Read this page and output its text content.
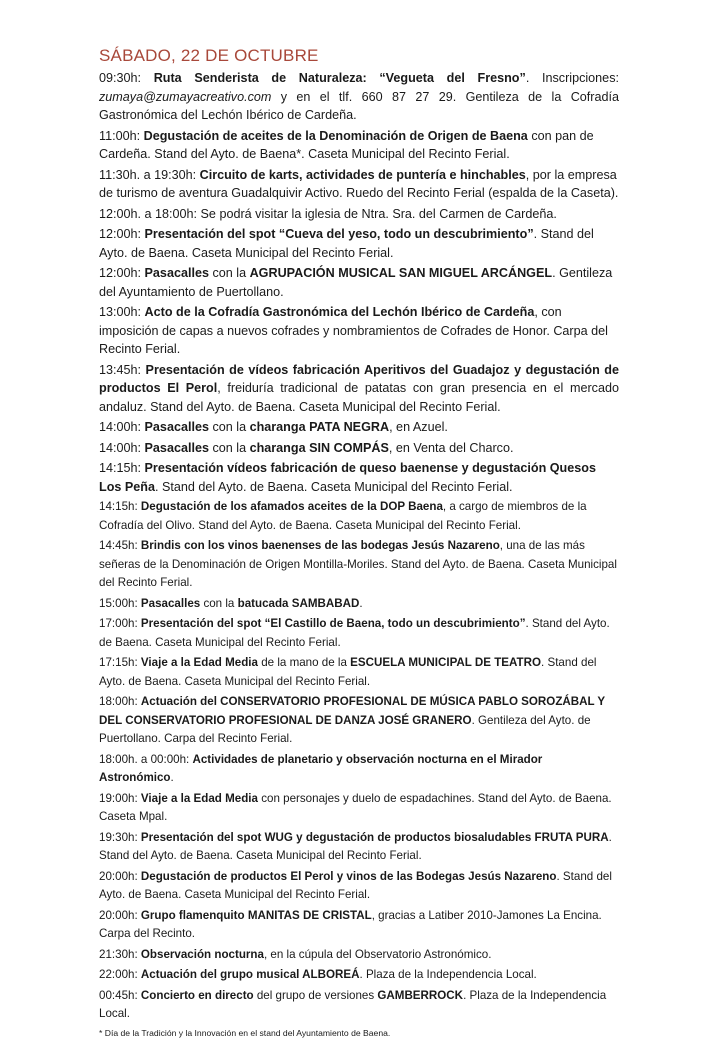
SÁBADO, 22 DE OCTUBRE

09:30h: Ruta Senderista de Naturaleza: “Vegueta del Fresno”. Inscripciones: zumaya@zumayacreativo.com y en el tlf. 660 87 27 29. Gentileza de la Cofradía Gastronómica del Lechón Ibérico de Cardeña.

11:00h: Degustación de aceites de la Denominación de Origen de Baena con pan de Cardeña. Stand del Ayto. de Baena*. Caseta Municipal del Recinto Ferial.

11:30h. a 19:30h: Circuito de karts, actividades de puntería e hinchables, por la empresa de turismo de aventura Guadalquivir Activo. Ruedo del Recinto Ferial (espalda de la Caseta).

12:00h. a 18:00h: Se podrá visitar la iglesia de Ntra. Sra. del Carmen de Cardeña.

12:00h: Presentación del spot “Cueva del yeso, todo un descubrimiento”. Stand del Ayto. de Baena. Caseta Municipal del Recinto Ferial.

12:00h: Pasacalles con la AGRUPACIÓN MUSICAL SAN MIGUEL ARCÁNGEL. Gentileza del Ayuntamiento de Puertollano.

13:00h: Acto de la Cofradía Gastronómica del Lechón Ibérico de Cardeña, con imposición de capas a nuevos cofrades y nombramientos de Cofrades de Honor. Carpa del Recinto Ferial.

13:45h: Presentación de vídeos fabricación Aperitivos del Guadajoz y degustación de productos El Perol, freiduría tradicional de patatas con gran presencia en el mercado andaluz. Stand del Ayto. de Baena. Caseta Municipal del Recinto Ferial.

14:00h: Pasacalles con la charanga PATA NEGRA, en Azuel.

14:00h: Pasacalles con la charanga SIN COMPÁS, en Venta del Charco.

14:15h: Presentación vídeos fabricación de queso baenense y degustación Quesos Los Peña. Stand del Ayto. de Baena. Caseta Municipal del Recinto Ferial.

14:15h: Degustación de los afamados aceites de la DOP Baena, a cargo de miembros de la Cofradía del Olivo. Stand del Ayto. de Baena. Caseta Municipal del Recinto Ferial.

14:45h: Brindis con los vinos baenenses de las bodegas Jesús Nazareno, una de las más señeras de la Denominación de Origen Montilla-Moriles. Stand del Ayto. de Baena. Caseta Municipal del Recinto Ferial.

15:00h: Pasacalles con la batucada SAMBABAD.

17:00h: Presentación del spot “El Castillo de Baena, todo un descubrimiento”. Stand del Ayto. de Baena. Caseta Municipal del Recinto Ferial.

17:15h: Viaje a la Edad Media de la mano de la ESCUELA MUNICIPAL DE TEATRO. Stand del Ayto. de Baena. Caseta Municipal del Recinto Ferial.

18:00h: Actuación del CONSERVATORIO PROFESIONAL DE MÚSICA PABLO SOROZÁBAL Y DEL CONSERVATORIO PROFESIONAL DE DANZA JOSÉ GRANERO. Gentileza del Ayto. de Puertollano. Carpa del Recinto Ferial.

18:00h. a 00:00h: Actividades de planetario y observación nocturna en el Mirador Astronómico.

19:00h: Viaje a la Edad Media con personajes y duelo de espadachines. Stand del Ayto. de Baena. Caseta Mpal.

19:30h: Presentación del spot WUG y degustación de productos biosaludables FRUTA PURA. Stand del Ayto. de Baena. Caseta Municipal del Recinto Ferial.

20:00h: Degustación de productos El Perol y vinos de las Bodegas Jesús Nazareno. Stand del Ayto. de Baena. Caseta Municipal del Recinto Ferial.

20:00h: Grupo flamenquito MANITAS DE CRISTAL, gracias a Latiber 2010-Jamones La Encina. Carpa del Recinto.

21:30h: Observación nocturna, en la cúpula del Observatorio Astronómico.

22:00h: Actuación del grupo musical ALBOREÁ. Plaza de la Independencia Local.

00:45h: Concierto en directo del grupo de versiones GAMBERROCK. Plaza de la Independencia Local.

* Día de la Tradición y la Innovación en el stand del Ayuntamiento de Baena.
